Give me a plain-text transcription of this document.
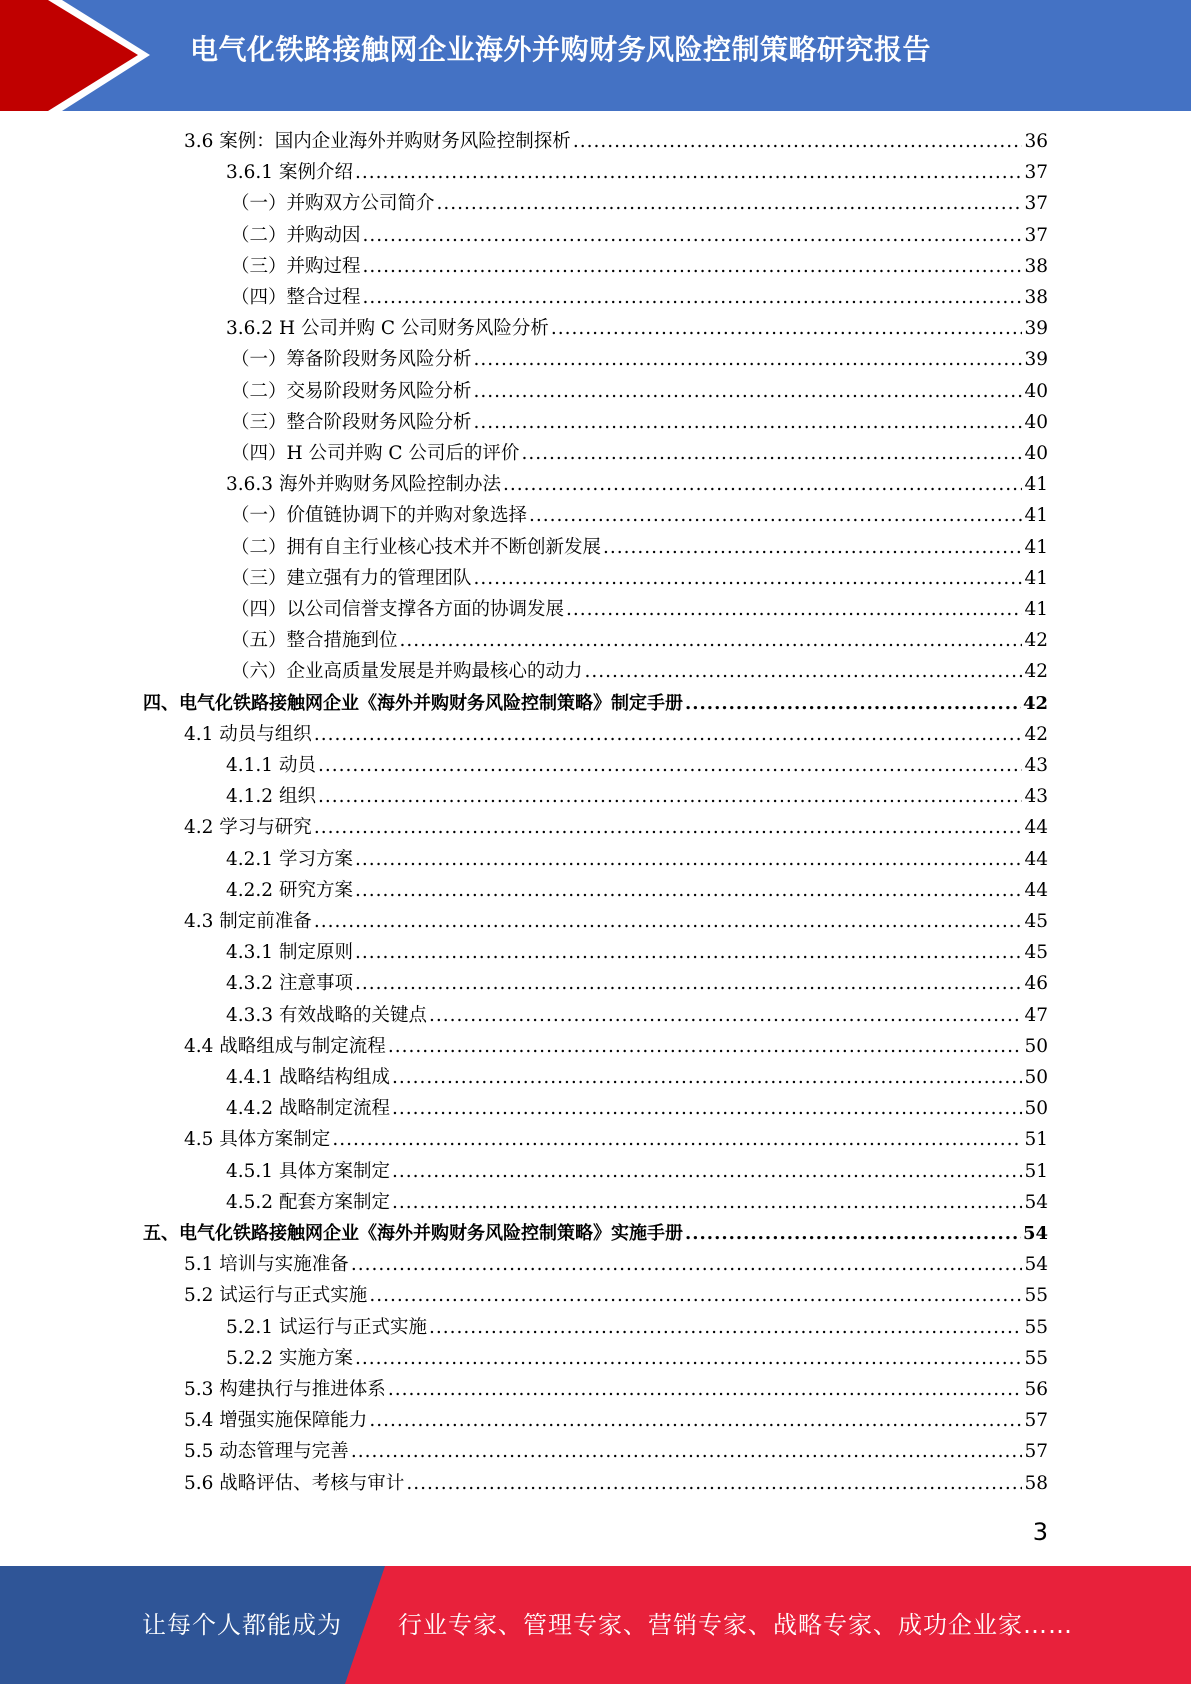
电气化铁路接触网企业海外并购财务风险控制策略研究报告
3.6 案例：国内企业海外并购财务风险控制探析 .....	36
3.6.1 案例介绍 .....	37
（一）并购双方公司简介 .....	37
（二）并购动因 .....	37
（三）并购过程 .....	38
（四）整合过程 .....	38
3.6.2 H 公司并购 C 公司财务风险分析 .....	39
（一）筹备阶段财务风险分析 .....	39
（二）交易阶段财务风险分析 .....	40
（三）整合阶段财务风险分析 .....	40
（四）H 公司并购 C 公司后的评价 .....	40
3.6.3 海外并购财务风险控制办法 .....	41
（一）价值链协调下的并购对象选择 .....	41
（二）拥有自主行业核心技术并不断创新发展 .....	41
（三）建立强有力的管理团队 .....	41
（四）以公司信誉支撑各方面的协调发展 .....	41
（五）整合措施到位 .....	42
（六）企业高质量发展是并购最核心的动力 .....	42
四、电气化铁路接触网企业《海外并购财务风险控制策略》制定手册 .....	42
4.1 动员与组织 .....	42
4.1.1 动员 .....	43
4.1.2 组织 .....	43
4.2 学习与研究 .....	44
4.2.1 学习方案 .....	44
4.2.2 研究方案 .....	44
4.3 制定前准备 .....	45
4.3.1 制定原则 .....	45
4.3.2 注意事项 .....	46
4.3.3 有效战略的关键点 .....	47
4.4 战略组成与制定流程 .....	50
4.4.1 战略结构组成 .....	50
4.4.2 战略制定流程 .....	50
4.5 具体方案制定 .....	51
4.5.1 具体方案制定 .....	51
4.5.2 配套方案制定 .....	54
五、电气化铁路接触网企业《海外并购财务风险控制策略》实施手册 .....	54
5.1 培训与实施准备 .....	54
5.2 试运行与正式实施 .....	55
5.2.1 试运行与正式实施 .....	55
5.2.2 实施方案 .....	55
5.3 构建执行与推进体系 .....	56
5.4 增强实施保障能力 .....	57
5.5 动态管理与完善 .....	57
5.6 战略评估、考核与审计 .....	58
3
让每个人都能成为 行业专家、管理专家、营销专家、战略专家、成功企业家……
